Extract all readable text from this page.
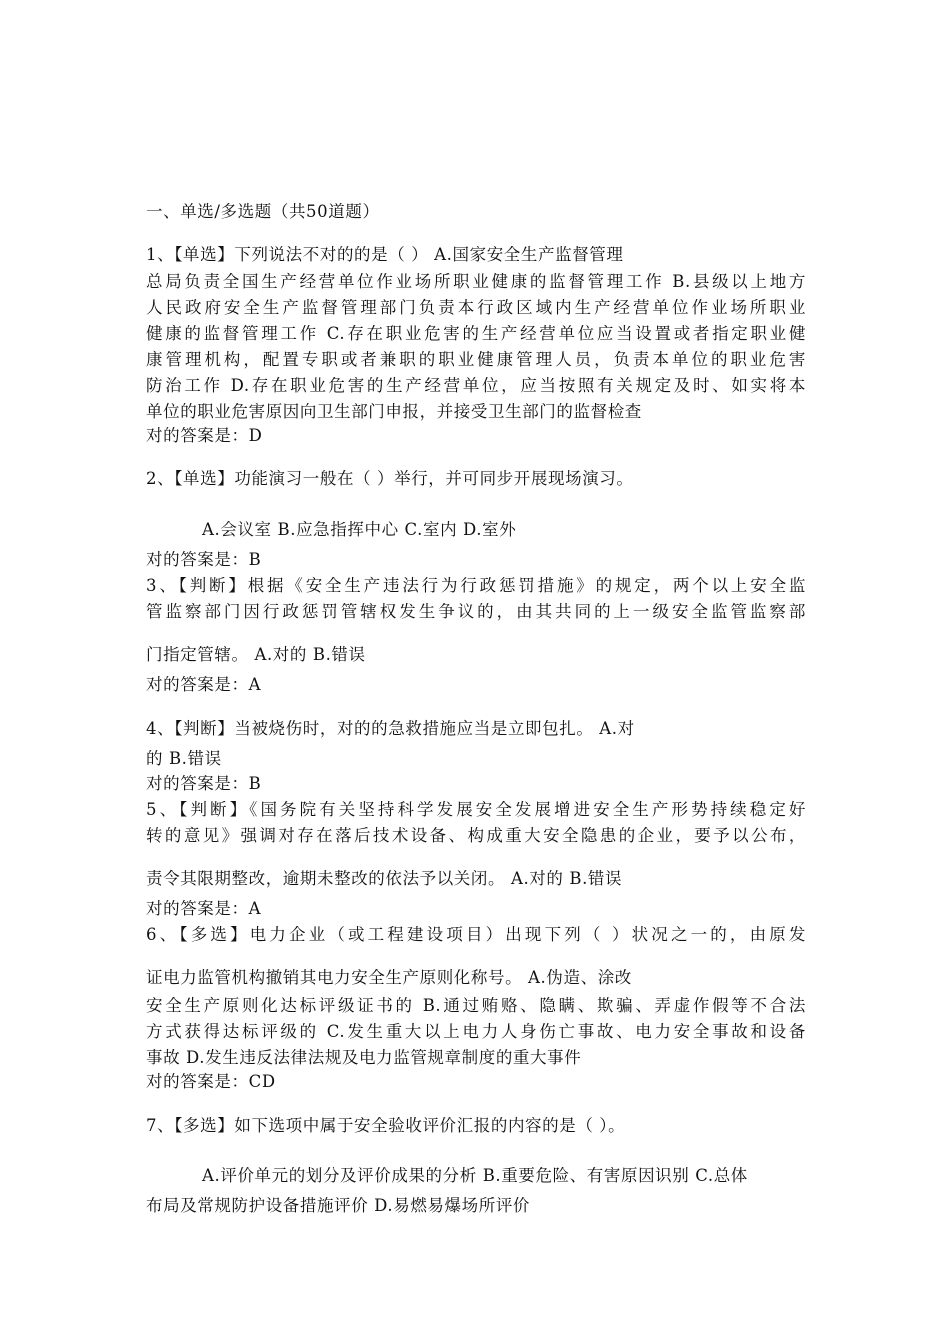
一、单选/多选题（共50道题）
1、【单选】下列说法不对的的是（ ） A.国家安全生产监督管理
总局负责全国生产经营单位作业场所职业健康的监督管理工作 B.县级以上地方
人民政府安全生产监督管理部门负责本行政区域内生产经营单位作业场所职业
健康的监督管理工作 C.存在职业危害的生产经营单位应当设置或者指定职业健
康管理机构，配置专职或者兼职的职业健康管理人员，负责本单位的职业危害
防治工作 D.存在职业危害的生产经营单位，应当按照有关规定及时、如实将本
单位的职业危害原因向卫生部门申报，并接受卫生部门的监督检查
对的答案是：D
2、【单选】功能演习一般在（ ）举行，并可同步开展现场演习。
A.会议室 B.应急指挥中心 C.室内 D.室外
对的答案是：B
3、【判断】根据《安全生产违法行为行政惩罚措施》的规定，两个以上安全监
管监察部门因行政惩罚管辖权发生争议的，由其共同的上一级安全监管监察部
门指定管辖。 A.对的 B.错误
对的答案是：A
4、【判断】当被烧伤时，对的的急救措施应当是立即包扎。 A.对
的 B.错误
对的答案是：B
5、【判断】《国务院有关坚持科学发展安全发展增进安全生产形势持续稳定好
转的意见》强调对存在落后技术设备、构成重大安全隐患的企业，要予以公布，
责令其限期整改，逾期未整改的依法予以关闭。 A.对的 B.错误
对的答案是：A
6、【多选】电力企业（或工程建设项目）出现下列（ ）状况之一的，由原发
证电力监管机构撤销其电力安全生产原则化称号。 A.伪造、涂改
安全生产原则化达标评级证书的 B.通过贿赂、隐瞒、欺骗、弄虚作假等不合法
方式获得达标评级的 C.发生重大以上电力人身伤亡事故、电力安全事故和设备
事故 D.发生违反法律法规及电力监管规章制度的重大事件
对的答案是：CD
7、【多选】如下选项中属于安全验收评价汇报的内容的是（ ）。
A.评价单元的划分及评价成果的分析 B.重要危险、有害原因识别 C.总体
布局及常规防护设备措施评价 D.易燃易爆场所评价
